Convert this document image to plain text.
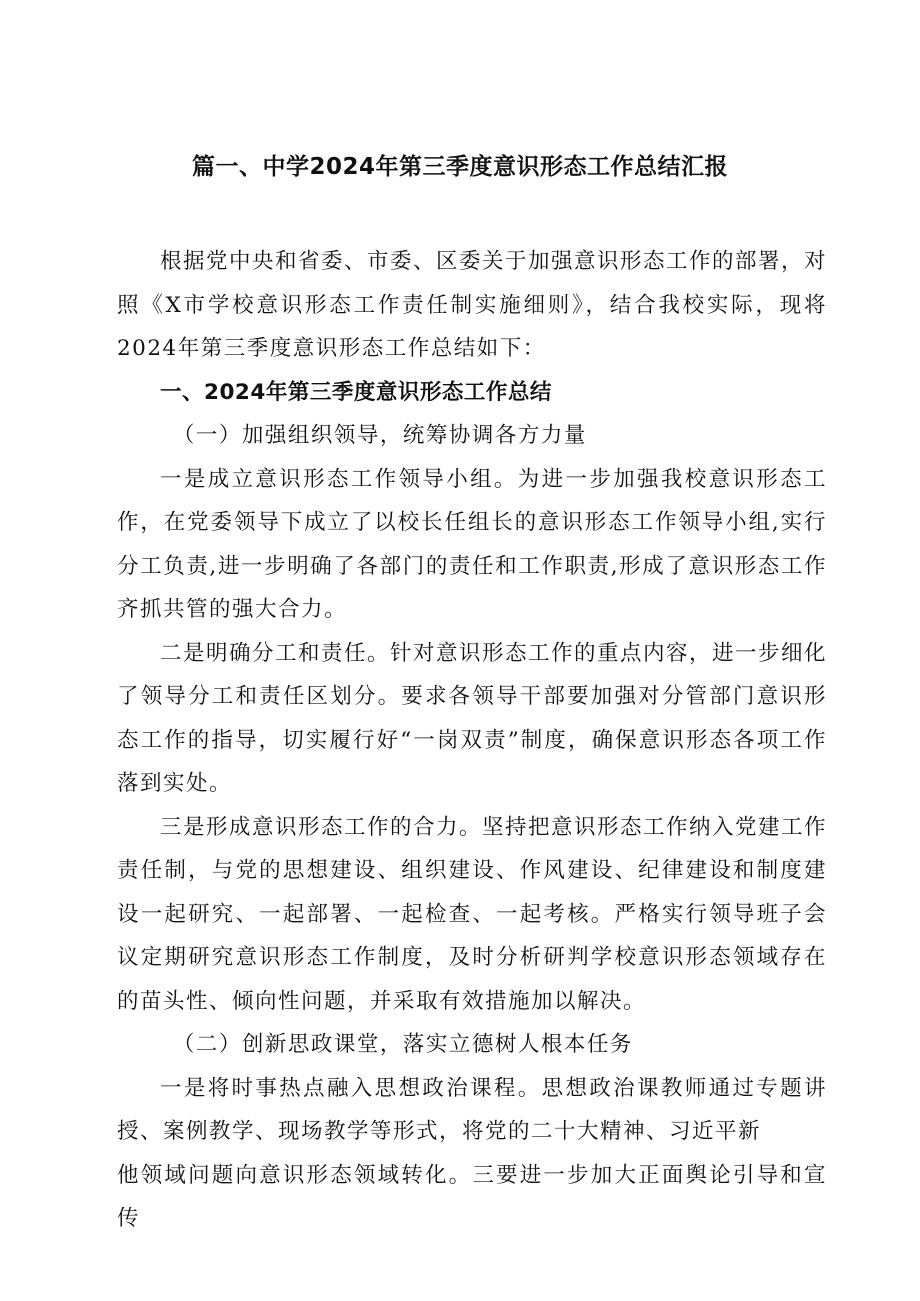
篇一、中学2024年第三季度意识形态工作总结汇报

根据党中央和省委、市委、区委关于加强意识形态工作的部署，对照《X市学校意识形态工作责任制实施细则》，结合我校实际，现将2024年第三季度意识形态工作总结如下：

一、2024年第三季度意识形态工作总结

（一）加强组织领导，统筹协调各方力量

一是成立意识形态工作领导小组。为进一步加强我校意识形态工作，在党委领导下成立了以校长任组长的意识形态工作领导小组,实行分工负责,进一步明确了各部门的责任和工作职责,形成了意识形态工作齐抓共管的强大合力。

二是明确分工和责任。针对意识形态工作的重点内容，进一步细化了领导分工和责任区划分。要求各领导干部要加强对分管部门意识形态工作的指导，切实履行好“一岗双责”制度，确保意识形态各项工作落到实处。

三是形成意识形态工作的合力。坚持把意识形态工作纳入党建工作责任制，与党的思想建设、组织建设、作风建设、纪律建设和制度建设一起研究、一起部署、一起检查、一起考核。严格实行领导班子会议定期研究意识形态工作制度，及时分析研判学校意识形态领域存在的苗头性、倾向性问题，并采取有效措施加以解决。

（二）创新思政课堂，落实立德树人根本任务

一是将时事热点融入思想政治课程。思想政治课教师通过专题讲授、案例教学、现场教学等形式，将党的二十大精神、习近平新

他领域问题向意识形态领域转化。三要进一步加大正面舆论引导和宣传
